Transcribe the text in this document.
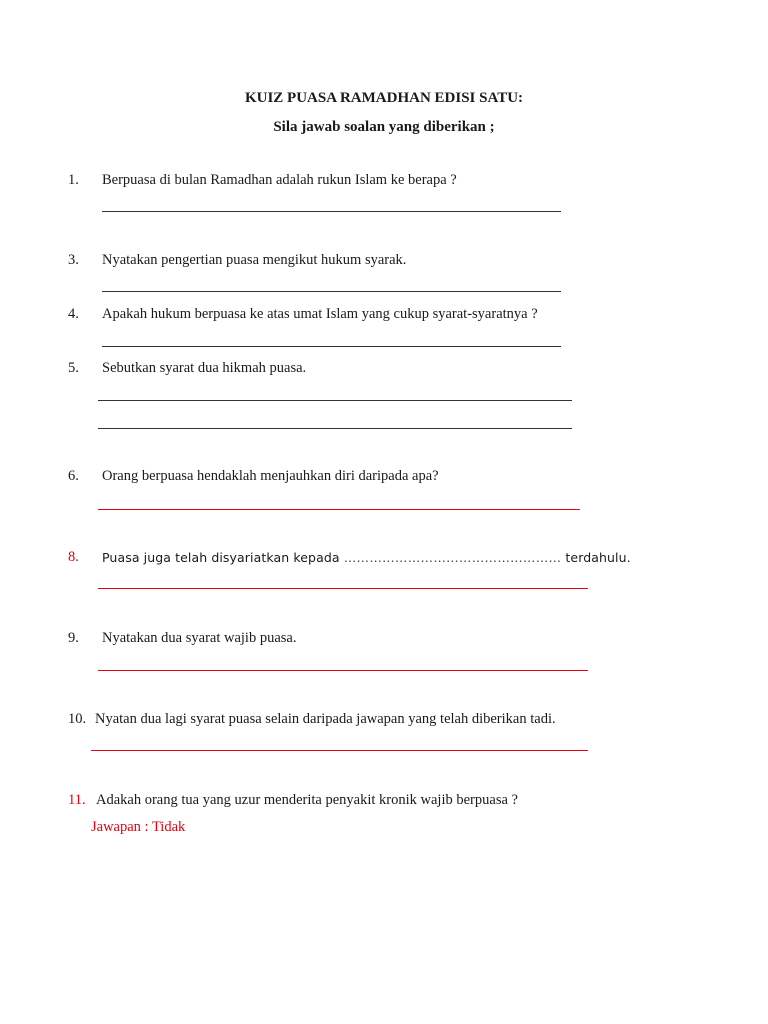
KUIZ PUASA RAMADHAN EDISI SATU:
Sila jawab soalan yang diberikan ;
1. Berpuasa di bulan Ramadhan adalah rukun Islam ke berapa ?
3. Nyatakan pengertian puasa mengikut hukum syarak.
4. Apakah hukum berpuasa ke atas umat Islam yang cukup syarat-syaratnya ?
5. Sebutkan syarat dua hikmah puasa.
6. Orang berpuasa hendaklah menjauhkan diri daripada apa?
8. Puasa juga telah disyariatkan kepada …………………………………………… terdahulu.
9. Nyatakan dua syarat wajib puasa.
10. Nyatan dua lagi syarat puasa selain daripada jawapan yang telah diberikan tadi.
11. Adakah orang tua yang uzur menderita penyakit kronik wajib berpuasa ?
Jawapan : Tidak
